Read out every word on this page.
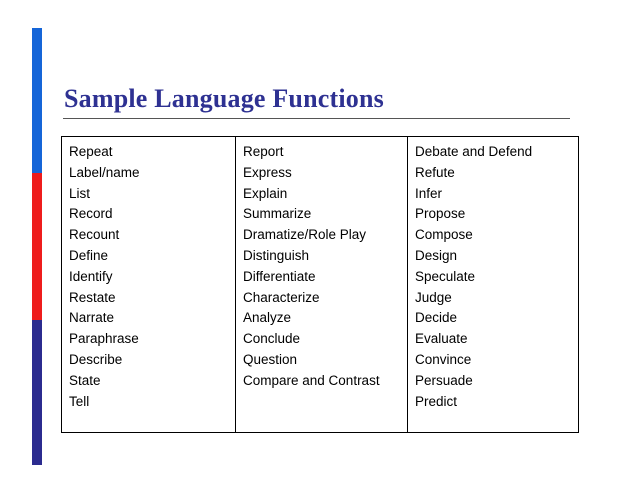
Sample Language Functions
Repeat
Label/name
List
Record
Recount
Define
Identify
Restate
Narrate
Paraphrase
Describe
State
Tell
Report
Express
Explain
Summarize
Dramatize/Role Play
Distinguish
Differentiate
Characterize
Analyze
Conclude
Question
Compare and Contrast
Debate and Defend
Refute
Infer
Propose
Compose
Design
Speculate
Judge
Decide
Evaluate
Convince
Persuade
Predict
